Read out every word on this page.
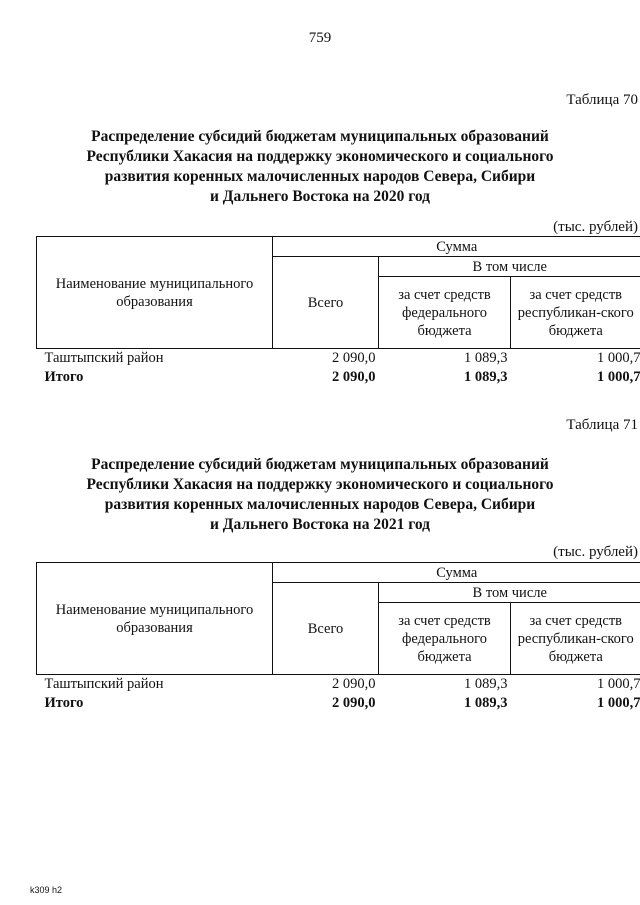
759
Таблица 70
Распределение субсидий бюджетам муниципальных образований
Республики Хакасия на поддержку экономического и социального
развития коренных малочисленных народов Севера, Сибири
и Дальнего Востока на 2020 год
(тыс. рублей)
Наименование муниципального образования	Сумма		
	Всего	В том числе	
		за счет средств федерального бюджета	за счет средств республикан-ского бюджета
Таштыпский район	2 090,0	1 089,3	1 000,7
Итого	2 090,0	1 089,3	1 000,7
Таблица 71
Распределение субсидий бюджетам муниципальных образований
Республики Хакасия на поддержку экономического и социального
развития коренных малочисленных народов Севера, Сибири
и Дальнего Востока на 2021 год
(тыс. рублей)
Наименование муниципального образования	Сумма		
	Всего	В том числе	
		за счет средств федерального бюджета	за счет средств республикан-ского бюджета
Таштыпский район	2 090,0	1 089,3	1 000,7
Итого	2 090,0	1 089,3	1 000,7
k309 h2
